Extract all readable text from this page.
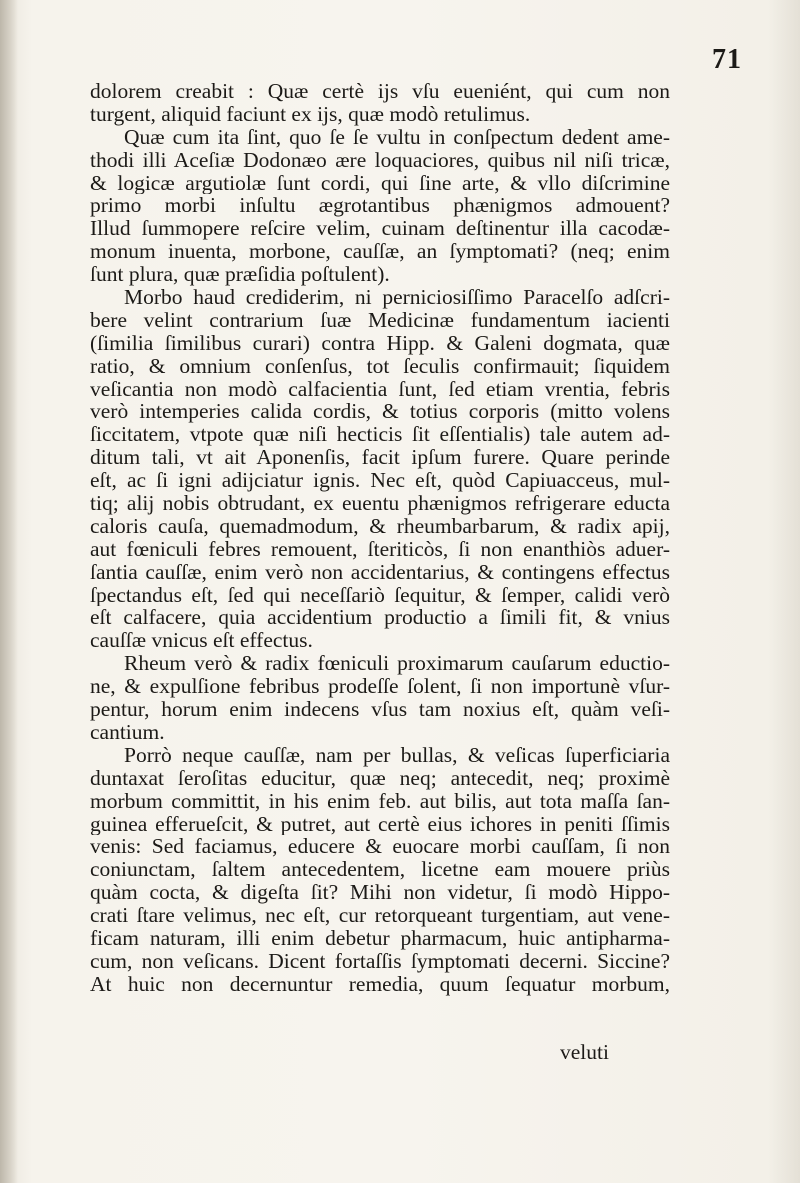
71
dolorem creabit : Quæ certè ijs vſu eueniént, qui cum non
turgent, aliquid faciunt ex ijs, quæ modò retulimus.
Quæ cum ita ſint, quo ſe ſe vultu in conſpectum dedent ame-
thodi illi Aceſiæ Dodonæo ære loquaciores, quibus nil niſi tricæ,
& logicæ argutiolæ ſunt cordi, qui ſine arte, & vllo diſcrimine
primo morbi inſultu ægrotantibus phænigmos admouent?
Illud ſummopere reſcire velim, cuinam deſtinentur illa cacodæ-
monum inuenta, morbone, cauſſæ, an ſymptomati? (neq; enim
ſunt plura, quæ præſidia poſtulent).
Morbo haud crediderim, ni perniciosiſſimo Paracelſo adſcri-
bere velint contrarium ſuæ Medicinæ fundamentum iacienti
(ſimilia ſimilibus curari) contra Hipp. & Galeni dogmata, quæ
ratio, & omnium conſenſus, tot ſeculis confirmauit; ſiquidem
veſicantia non modò calfacientia ſunt, ſed etiam vrentia, febris
verò intemperies calida cordis, & totius corporis (mitto volens
ſiccitatem, vtpote quæ niſi hecticis ſit eſſentialis) tale autem ad-
ditum tali, vt ait Aponenſis, facit ipſum furere. Quare perinde
eſt, ac ſi igni adijciatur ignis. Nec eſt, quòd Capiuacceus, mul-
tiq; alij nobis obtrudant, ex euentu phænigmos refrigerare educta
caloris cauſa, quemadmodum, & rheumbarbarum, & radix apij,
aut fœniculi febres remouent, ſteriticòs, ſi non enanthiòs aduer-
ſantia cauſſæ, enim verò non accidentarius, & contingens effectus
ſpectandus eſt, ſed qui neceſſariò ſequitur, & ſemper, calidi verò
eſt calfacere, quia accidentium productio a ſimili fit, & vnius
cauſſæ vnicus eſt effectus.
Rheum verò & radix fœniculi proximarum cauſarum eductio-
ne, & expulſione febribus prodeſſe ſolent, ſi non importunè vſur-
pentur, horum enim indecens vſus tam noxius eſt, quàm veſi-
cantium.
Porrò neque cauſſæ, nam per bullas, & veſicas ſuperficiaria
duntaxat ſeroſitas educitur, quæ neq; antecedit, neq; proximè
morbum committit, in his enim feb. aut bilis, aut tota maſſa ſan-
guinea efferueſcit, & putret, aut certè eius ichores in peniti ſſimis
venis: Sed faciamus, educere & euocare morbi cauſſam, ſi non
coniunctam, ſaltem antecedentem, licetne eam mouere priùs
quàm cocta, & digeſta ſit? Mihi non videtur, ſi modò Hippo-
crati ſtare velimus, nec eſt, cur retorqueant turgentiam, aut vene-
ficam naturam, illi enim debetur pharmacum, huic antipharma-
cum, non veſicans. Dicent fortaſſis ſymptomati decerni. Siccine?
At huic non decernuntur remedia, quum ſequatur morbum,
veluti
